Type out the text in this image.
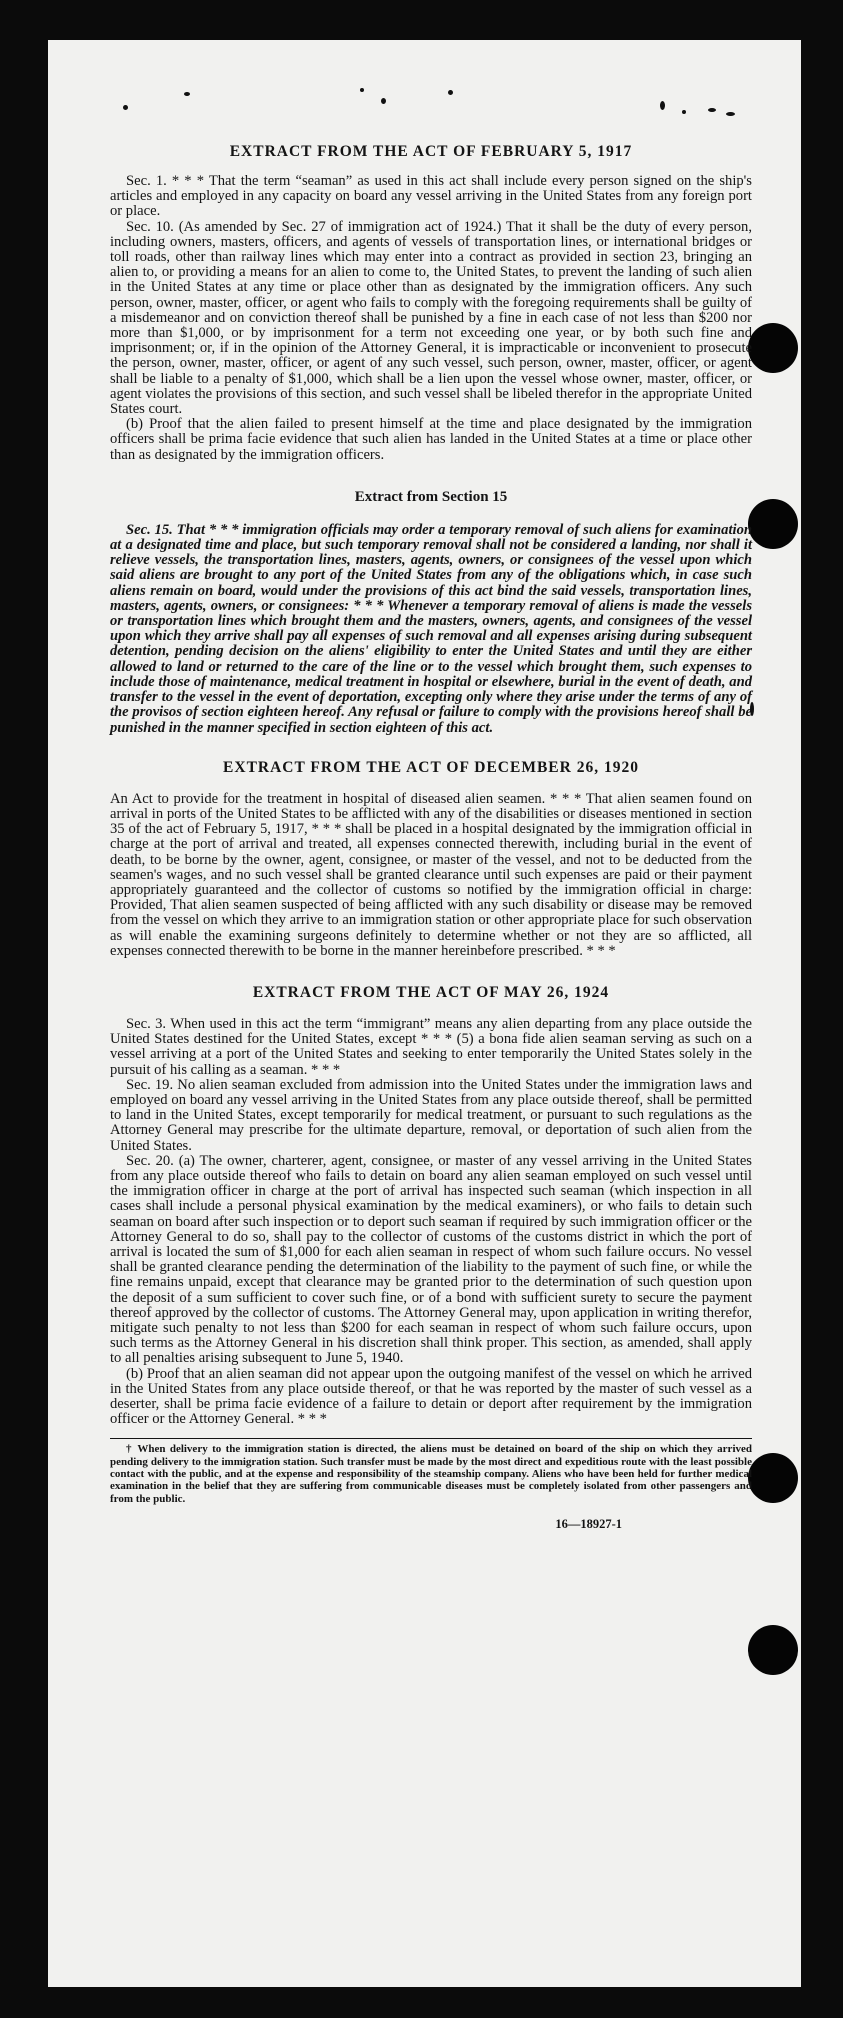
EXTRACT FROM THE ACT OF FEBRUARY 5, 1917

Sec. 1. * * * That the term “seaman” as used in this act shall include every person signed on the ship's articles and employed in any capacity on board any vessel arriving in the United States from any foreign port or place.

Sec. 10. (As amended by Sec. 27 of immigration act of 1924.) That it shall be the duty of every person, including owners, masters, officers, and agents of vessels of transportation lines, or international bridges or toll roads, other than railway lines which may enter into a contract as provided in section 23, bringing an alien to, or providing a means for an alien to come to, the United States, to prevent the landing of such alien in the United States at any time or place other than as designated by the immigration officers. Any such person, owner, master, officer, or agent who fails to comply with the foregoing requirements shall be guilty of a misdemeanor and on conviction thereof shall be punished by a fine in each case of not less than $200 nor more than $1,000, or by imprisonment for a term not exceeding one year, or by both such fine and imprisonment; or, if in the opinion of the Attorney General, it is impracticable or inconvenient to prosecute the person, owner, master, officer, or agent of any such vessel, such person, owner, master, officer, or agent shall be liable to a penalty of $1,000, which shall be a lien upon the vessel whose owner, master, officer, or agent violates the provisions of this section, and such vessel shall be libeled therefor in the appropriate United States court.

(b) Proof that the alien failed to present himself at the time and place designated by the immigration officers shall be prima facie evidence that such alien has landed in the United States at a time or place other than as designated by the immigration officers.

Extract from Section 15

Sec. 15. That * * * immigration officials may order a temporary removal of such aliens for examination at a designated time and place, but such temporary removal shall not be considered a landing, nor shall it relieve vessels, the transportation lines, masters, agents, owners, or consignees of the vessel upon which said aliens are brought to any port of the United States from any of the obligations which, in case such aliens remain on board, would under the provisions of this act bind the said vessels, transportation lines, masters, agents, owners, or consignees: * * * Whenever a temporary removal of aliens is made the vessels or transportation lines which brought them and the masters, owners, agents, and consignees of the vessel upon which they arrive shall pay all expenses of such removal and all expenses arising during subsequent detention, pending decision on the aliens' eligibility to enter the United States and until they are either allowed to land or returned to the care of the line or to the vessel which brought them, such expenses to include those of maintenance, medical treatment in hospital or elsewhere, burial in the event of death, and transfer to the vessel in the event of deportation, excepting only where they arise under the terms of any of the provisos of section eighteen hereof. Any refusal or failure to comply with the provisions hereof shall be punished in the manner specified in section eighteen of this act.

EXTRACT FROM THE ACT OF DECEMBER 26, 1920

An Act to provide for the treatment in hospital of diseased alien seamen. * * * That alien seamen found on arrival in ports of the United States to be afflicted with any of the disabilities or diseases mentioned in section 35 of the act of February 5, 1917, * * * shall be placed in a hospital designated by the immigration official in charge at the port of arrival and treated, all expenses connected therewith, including burial in the event of death, to be borne by the owner, agent, consignee, or master of the vessel, and not to be deducted from the seamen's wages, and no such vessel shall be granted clearance until such expenses are paid or their payment appropriately guaranteed and the collector of customs so notified by the immigration official in charge: Provided, That alien seamen suspected of being afflicted with any such disability or disease may be removed from the vessel on which they arrive to an immigration station or other appropriate place for such observation as will enable the examining surgeons definitely to determine whether or not they are so afflicted, all expenses connected therewith to be borne in the manner hereinbefore prescribed. * * *

EXTRACT FROM THE ACT OF MAY 26, 1924

Sec. 3. When used in this act the term “immigrant” means any alien departing from any place outside the United States destined for the United States, except * * * (5) a bona fide alien seaman serving as such on a vessel arriving at a port of the United States and seeking to enter temporarily the United States solely in the pursuit of his calling as a seaman. * * *

Sec. 19. No alien seaman excluded from admission into the United States under the immigration laws and employed on board any vessel arriving in the United States from any place outside thereof, shall be permitted to land in the United States, except temporarily for medical treatment, or pursuant to such regulations as the Attorney General may prescribe for the ultimate departure, removal, or deportation of such alien from the United States.

Sec. 20. (a) The owner, charterer, agent, consignee, or master of any vessel arriving in the United States from any place outside thereof who fails to detain on board any alien seaman employed on such vessel until the immigration officer in charge at the port of arrival has inspected such seaman (which inspection in all cases shall include a personal physical examination by the medical examiners), or who fails to detain such seaman on board after such inspection or to deport such seaman if required by such immigration officer or the Attorney General to do so, shall pay to the collector of customs of the customs district in which the port of arrival is located the sum of $1,000 for each alien seaman in respect of whom such failure occurs. No vessel shall be granted clearance pending the determination of the liability to the payment of such fine, or while the fine remains unpaid, except that clearance may be granted prior to the determination of such question upon the deposit of a sum sufficient to cover such fine, or of a bond with sufficient surety to secure the payment thereof approved by the collector of customs. The Attorney General may, upon application in writing therefor, mitigate such penalty to not less than $200 for each seaman in respect of whom such failure occurs, upon such terms as the Attorney General in his discretion shall think proper. This section, as amended, shall apply to all penalties arising subsequent to June 5, 1940.

(b) Proof that an alien seaman did not appear upon the outgoing manifest of the vessel on which he arrived in the United States from any place outside thereof, or that he was reported by the master of such vessel as a deserter, shall be prima facie evidence of a failure to detain or deport after requirement by the immigration officer or the Attorney General. * * *

† When delivery to the immigration station is directed, the aliens must be detained on board of the ship on which they arrived pending delivery to the immigration station. Such transfer must be made by the most direct and expeditious route with the least possible contact with the public, and at the expense and responsibility of the steamship company. Aliens who have been held for further medical examination in the belief that they are suffering from communicable diseases must be completely isolated from other passengers and from the public.
16—18927-1
